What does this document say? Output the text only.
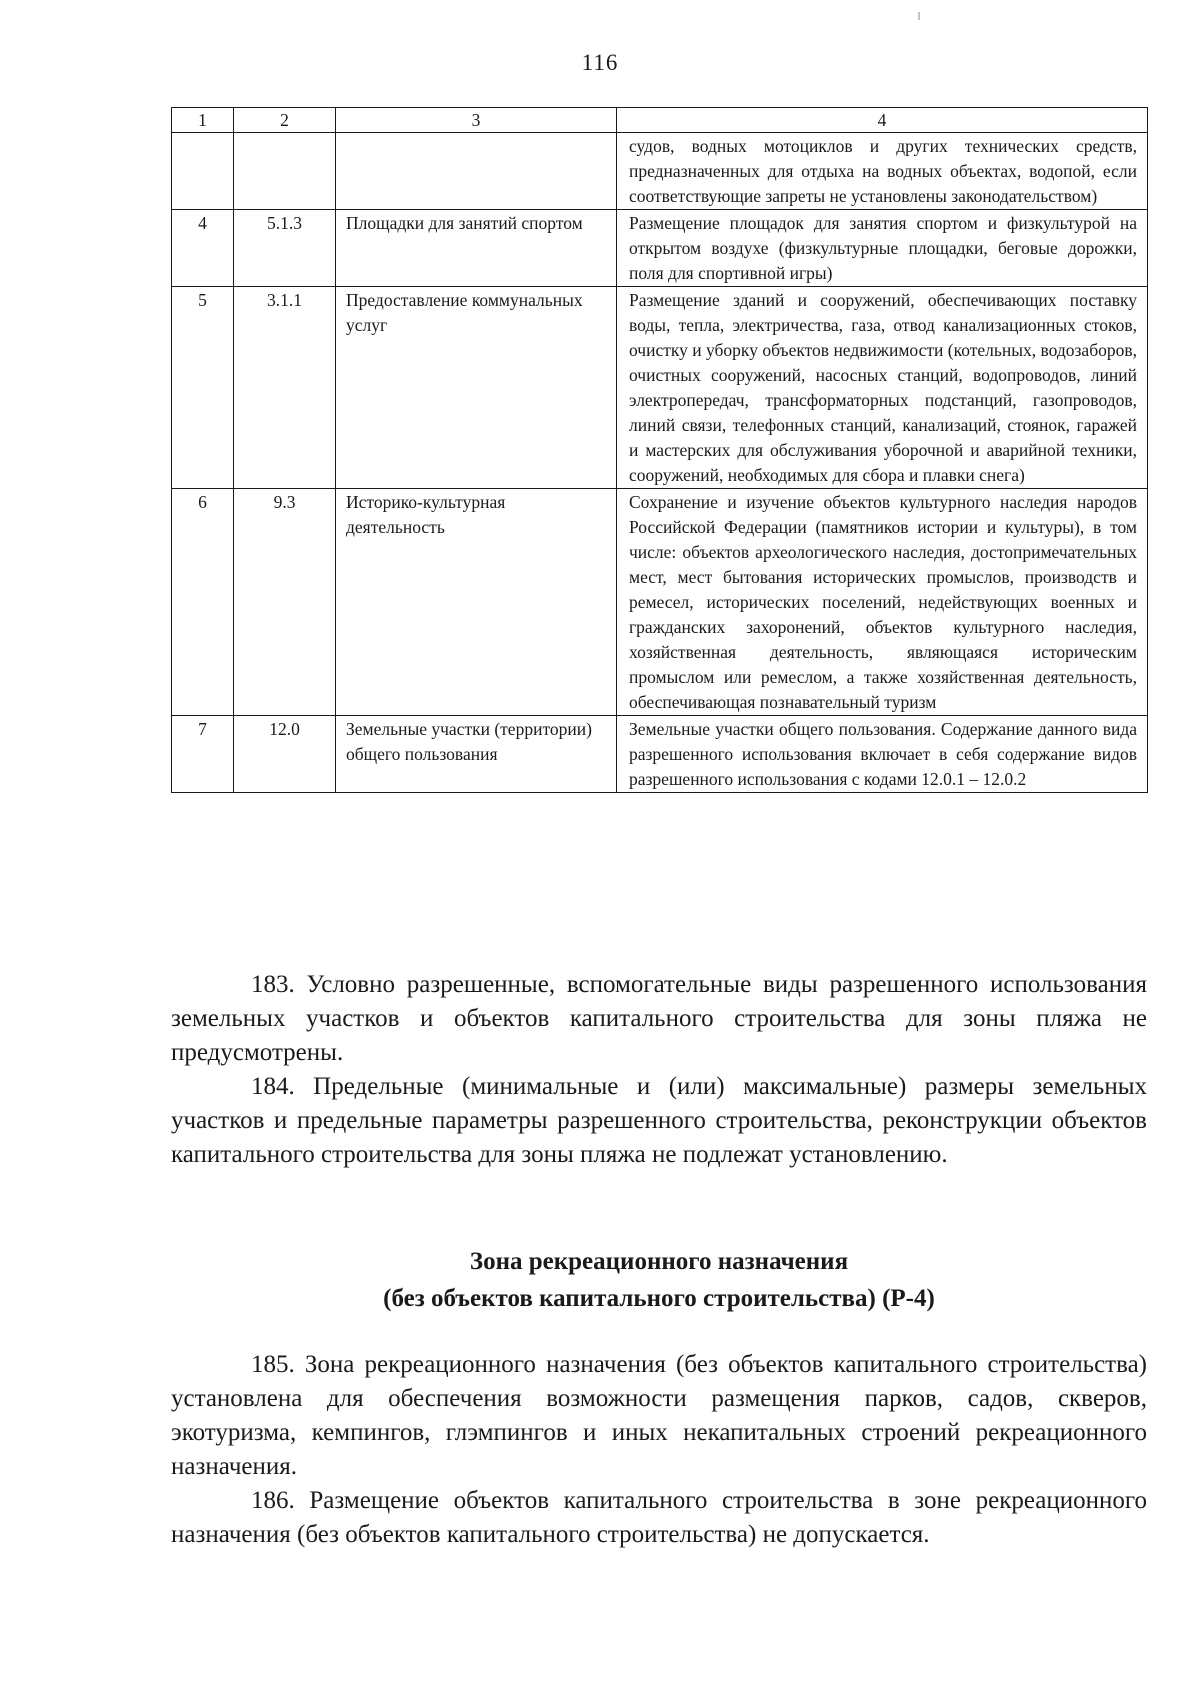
116
1	2	3	4
			судов, водных мотоциклов и других технических средств, предназначенных для отдыха на водных объектах, водопой, если соответствующие запреты не установлены законодательством)
4	5.1.3	Площадки для занятий спортом	Размещение площадок для занятия спортом и физкультурой на открытом воздухе (физкультурные площадки, беговые дорожки, поля для спортивной игры)
5	3.1.1	Предоставление коммунальных услуг	Размещение зданий и сооружений, обеспечивающих поставку воды, тепла, электричества, газа, отвод канализационных стоков, очистку и уборку объектов недвижимости (котельных, водозаборов, очистных сооружений, насосных станций, водопроводов, линий электропередач, трансформаторных подстанций, газопроводов, линий связи, телефонных станций, канализаций, стоянок, гаражей и мастерских для обслуживания уборочной и аварийной техники, сооружений, необходимых для сбора и плавки снега)
6	9.3	Историко-культурная деятельность	Сохранение и изучение объектов культурного наследия народов Российской Федерации (памятников истории и культуры), в том числе: объектов археологического наследия, достопримечательных мест, мест бытования исторических промыслов, производств и ремесел, исторических поселений, недействующих военных и гражданских захоронений, объектов культурного наследия, хозяйственная деятельность, являющаяся историческим промыслом или ремеслом, а также хозяйственная деятельность, обеспечивающая познавательный туризм
7	12.0	Земельные участки (территории) общего пользования	Земельные участки общего пользования. Содержание данного вида разрешенного использования включает в себя содержание видов разрешенного использования с кодами 12.0.1 – 12.0.2

183. Условно разрешенные, вспомогательные виды разрешенного использования земельных участков и объектов капитального строительства для зоны пляжа не предусмотрены.

184. Предельные (минимальные и (или) максимальные) размеры земельных участков и предельные параметры разрешенного строительства, реконструкции объектов капитального строительства для зоны пляжа не подлежат установлению.

Зона рекреационного назначения
(без объектов капитального строительства) (Р-4)

185. Зона рекреационного назначения (без объектов капитального строительства) установлена для обеспечения возможности размещения парков, садов, скверов, экотуризма, кемпингов, глэмпингов и иных некапитальных строений рекреационного назначения.

186. Размещение объектов капитального строительства в зоне рекреационного назначения (без объектов капитального строительства) не допускается.
